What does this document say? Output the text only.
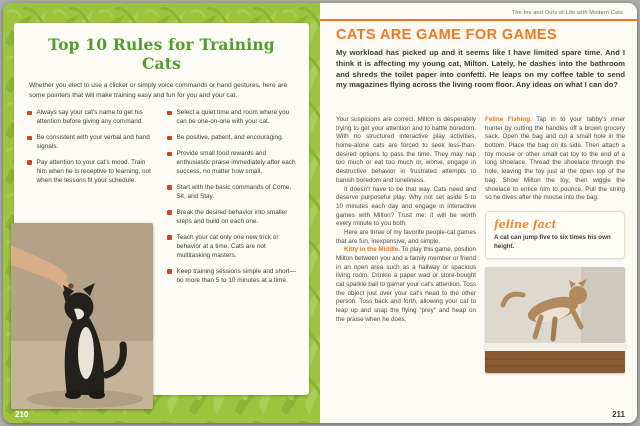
Top 10 Rules for Training Cats

Whether you elect to use a clicker or simply voice commands or hand gestures, here are some pointers that will make training easy and fun for you and your cat.

Always say your cat's name to get his attention before giving any command.
Be consistent with your verbal and hand signals.
Pay attention to your cat's mood. Train him when he is receptive to learning, not when the lessons fit your schedule.
Select a quiet time and room where you can be one-on-one with your cat.
Be positive, patient, and encouraging.
Provide small food rewards and enthusiastic praise immediately after each success, no matter how small.
Start with the basic commands of Come, Sit, and Stay.
Break the desired behavior into smaller steps and build on each one.
Teach your cat only one new trick or behavior at a time. Cats are not multitasking masters.
Keep training sessions simple and short—no more than 5 to 10 minutes at a time.
210
The Ins and Outs of Life with Modern Cats
CATS ARE GAME FOR GAMES

My workload has picked up and it seems like I have limited spare time. And I think it is affecting my young cat, Milton. Lately, he dashes into the bathroom and shreds the toilet paper into confetti. He leaps on my coffee table to send my magazines flying across the living room floor. Any ideas on what I can do?

Your suspicions are correct. Milton is desperately trying to get your attention and to battle boredom. With no structured interactive play activities, home-alone cats are forced to seek less-than-desired options to pass the time. They may nap too much or eat too much or, worse, engage in destructive behavior in frustrated attempts to banish boredom and loneliness.

It doesn't have to be that way. Cats need and deserve purposeful play. Why not set aside 5 to 10 minutes each day and engage in interactive games with Milton? Trust me: it will be worth every minute to you both.

Here are three of my favorite people-cat games that are fun, inexpensive, and simple.

Kitty in the Middle. To play this game, position Milton between you and a family member or friend in an open area such as a hallway or spacious living room. Crinkle a paper wad or store-bought cat sparkle ball to garner your cat's attention. Toss the object just over your cat's head to the other person. Toss back and forth, allowing your cat to leap up and snap the flying "prey" and heap on the praise when he does.

Feline Fishing. Tap in to your tabby's inner hunter by cutting the handles off a brown grocery sack. Open the bag and cut a small hole in the bottom. Place the bag on its side. Then attach a toy mouse or other small cat toy to the end of a long shoelace. Thread the shoelace through the hole, leaving the toy just at the open top of the bag. Show Milton the toy, then wiggle the shoelace to entice him to pounce. Pull the string so he dives after the mouse into the bag.

feline fact
A cat can jump five to six times his own height.
211
